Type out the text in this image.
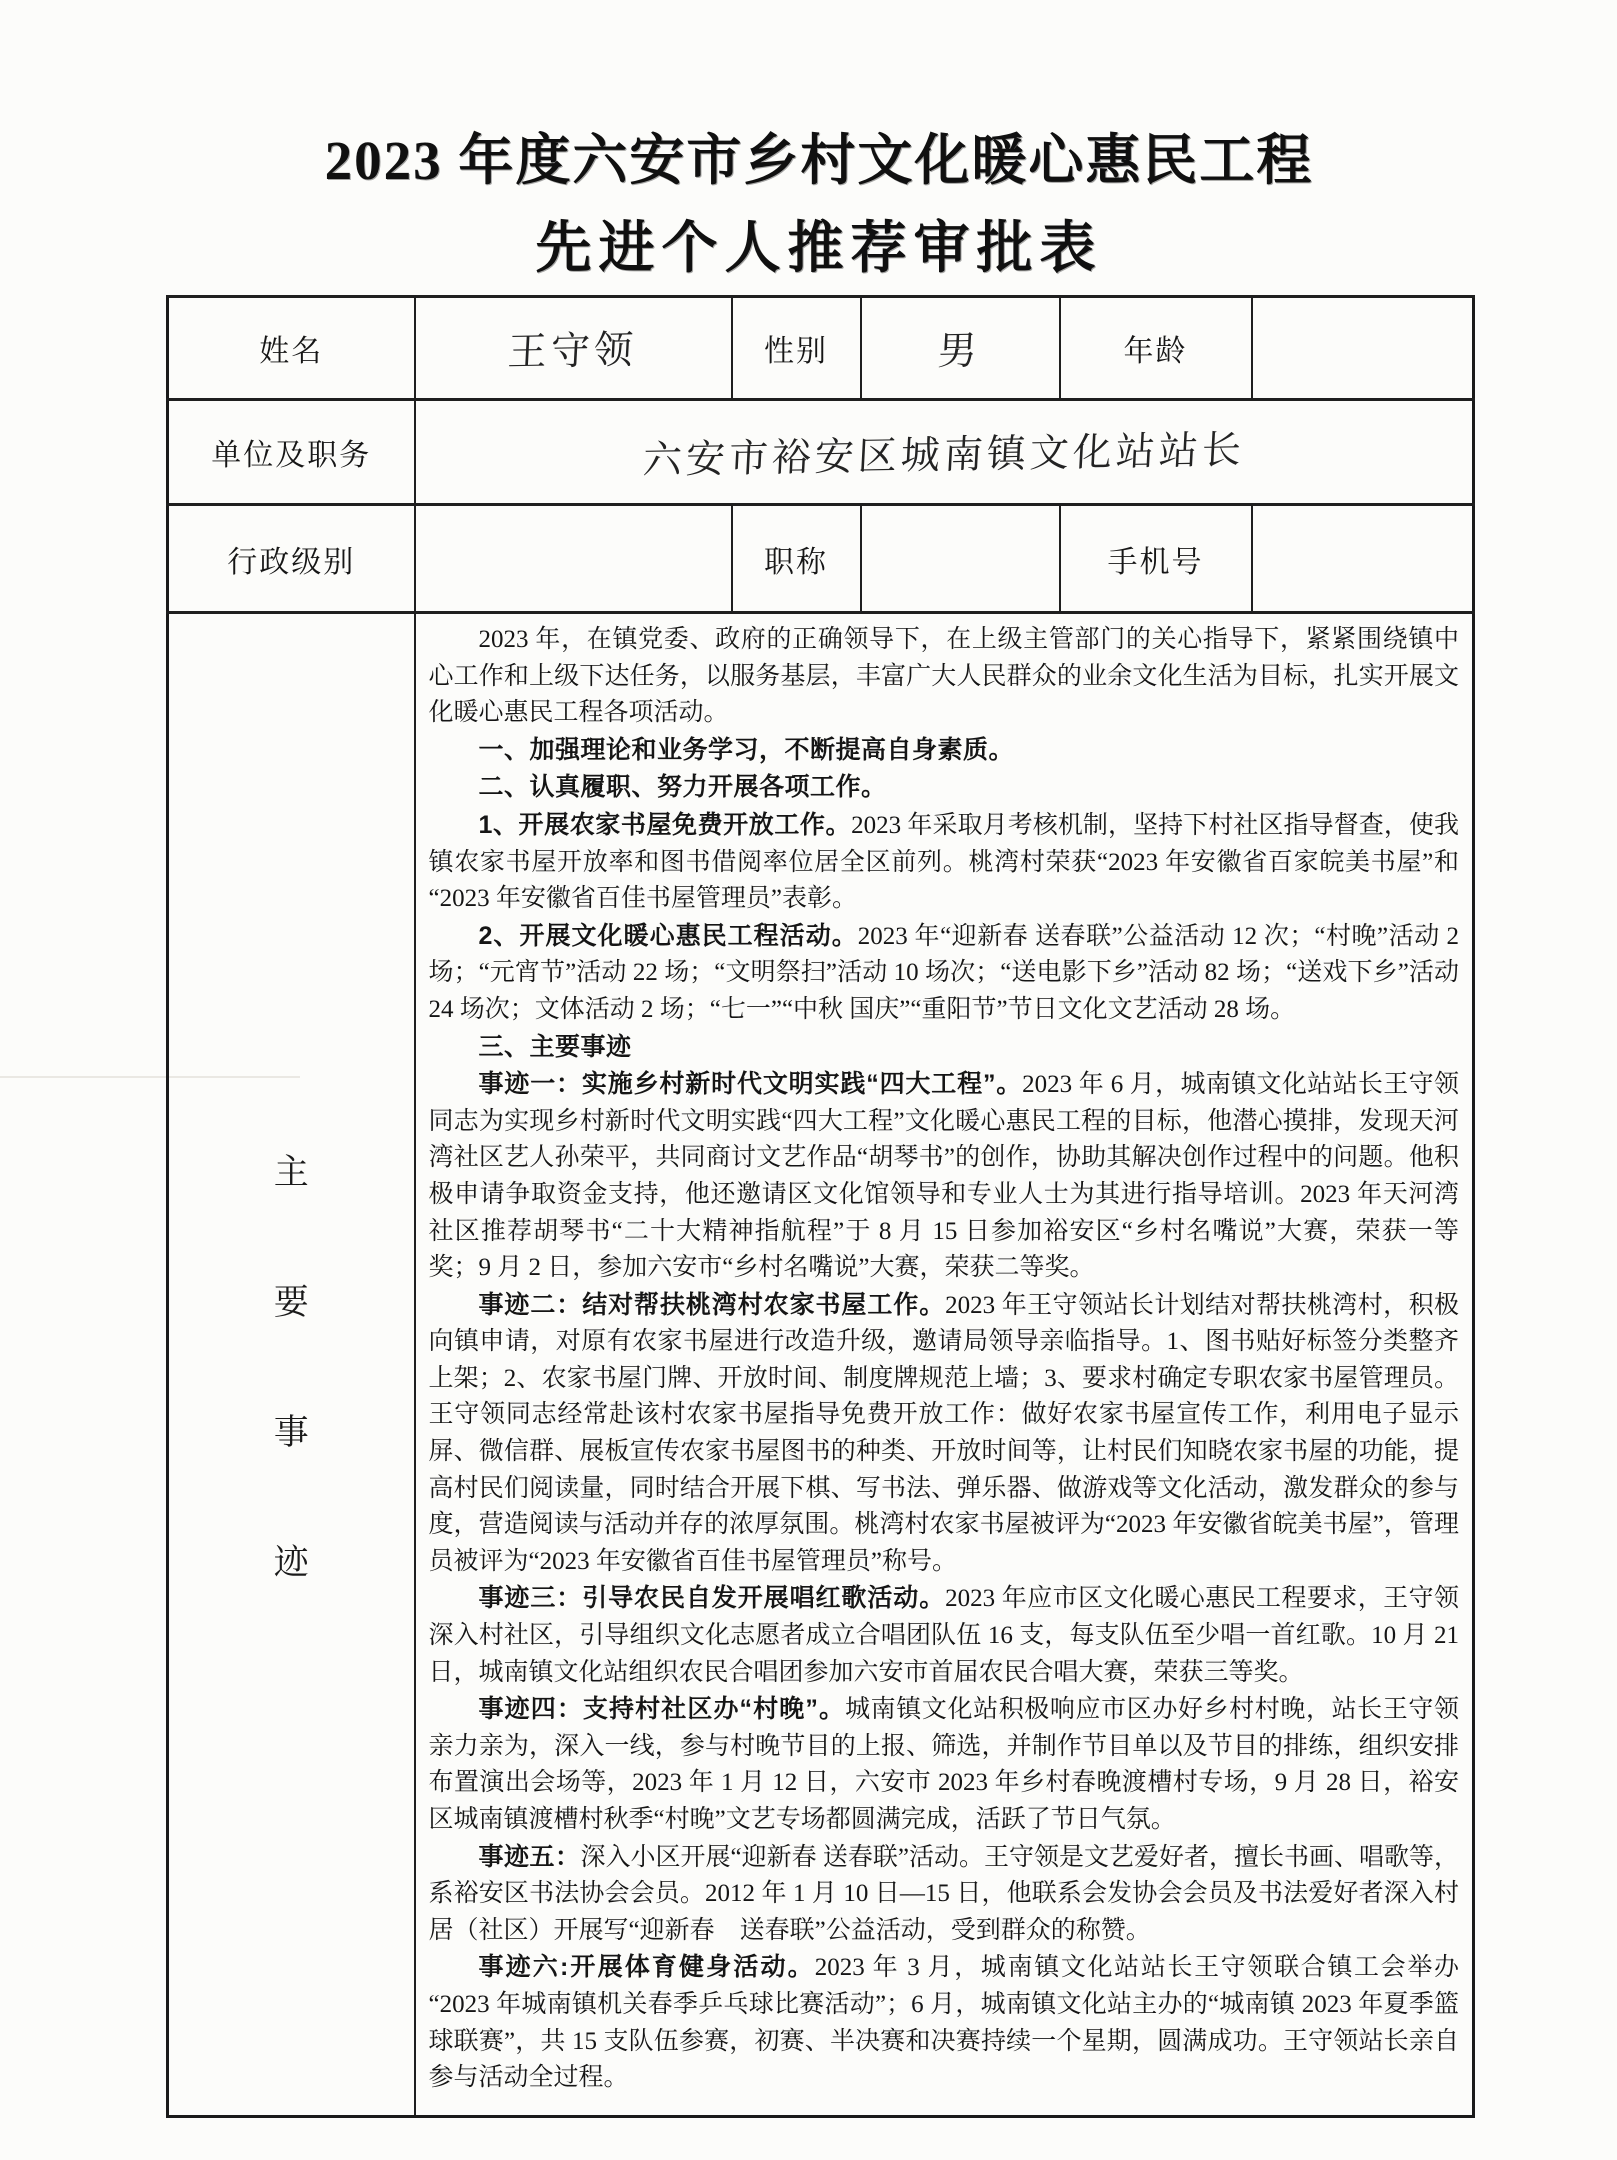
2023 年度六安市乡村文化暖心惠民工程
先进个人推荐审批表
姓名	王守领	性别	男	年龄	
单位及职务	六安市裕安区城南镇文化站站长				
行政级别		职称		手机号	

主
要
事
迹

2023 年，在镇党委、政府的正确领导下，在上级主管部门的关心指导下，紧紧围绕镇中心工作和上级下达任务，以服务基层，丰富广大人民群众的业余文化生活为目标，扎实开展文化暖心惠民工程各项活动。

一、加强理论和业务学习，不断提高自身素质。

二、认真履职、努力开展各项工作。

1、开展农家书屋免费开放工作。2023 年采取月考核机制，坚持下村社区指导督查，使我镇农家书屋开放率和图书借阅率位居全区前列。桃湾村荣获“2023 年安徽省百家皖美书屋”和“2023 年安徽省百佳书屋管理员”表彰。

2、开展文化暖心惠民工程活动。2023 年“迎新春 送春联”公益活动 12 次；“村晚”活动 2 场；“元宵节”活动 22 场；“文明祭扫”活动 10 场次；“送电影下乡”活动 82 场；“送戏下乡”活动 24 场次；文体活动 2 场；“七一”“中秋 国庆”“重阳节”节日文化文艺活动 28 场。

三、主要事迹

事迹一：实施乡村新时代文明实践“四大工程”。2023 年 6 月，城南镇文化站站长王守领同志为实现乡村新时代文明实践“四大工程”文化暖心惠民工程的目标，他潜心摸排，发现天河湾社区艺人孙荣平，共同商讨文艺作品“胡琴书”的创作，协助其解决创作过程中的问题。他积极申请争取资金支持，他还邀请区文化馆领导和专业人士为其进行指导培训。2023 年天河湾社区推荐胡琴书“二十大精神指航程”于 8 月 15 日参加裕安区“乡村名嘴说”大赛，荣获一等奖；9 月 2 日，参加六安市“乡村名嘴说”大赛，荣获二等奖。

事迹二：结对帮扶桃湾村农家书屋工作。2023 年王守领站长计划结对帮扶桃湾村，积极向镇申请，对原有农家书屋进行改造升级，邀请局领导亲临指导。1、图书贴好标签分类整齐上架；2、农家书屋门牌、开放时间、制度牌规范上墙；3、要求村确定专职农家书屋管理员。王守领同志经常赴该村农家书屋指导免费开放工作：做好农家书屋宣传工作，利用电子显示屏、微信群、展板宣传农家书屋图书的种类、开放时间等，让村民们知晓农家书屋的功能，提高村民们阅读量，同时结合开展下棋、写书法、弹乐器、做游戏等文化活动，激发群众的参与度，营造阅读与活动并存的浓厚氛围。桃湾村农家书屋被评为“2023 年安徽省皖美书屋”，管理员被评为“2023 年安徽省百佳书屋管理员”称号。

事迹三：引导农民自发开展唱红歌活动。2023 年应市区文化暖心惠民工程要求，王守领深入村社区，引导组织文化志愿者成立合唱团队伍 16 支，每支队伍至少唱一首红歌。10 月 21 日，城南镇文化站组织农民合唱团参加六安市首届农民合唱大赛，荣获三等奖。

事迹四：支持村社区办“村晚”。城南镇文化站积极响应市区办好乡村村晚，站长王守领亲力亲为，深入一线，参与村晚节目的上报、筛选，并制作节目单以及节目的排练，组织安排布置演出会场等，2023 年 1 月 12 日，六安市 2023 年乡村春晚渡槽村专场，9 月 28 日，裕安区城南镇渡槽村秋季“村晚”文艺专场都圆满完成，活跃了节日气氛。

事迹五：深入小区开展“迎新春 送春联”活动。王守领是文艺爱好者，擅长书画、唱歌等，系裕安区书法协会会员。2012 年 1 月 10 日—15 日，他联系会发协会会员及书法爱好者深入村居（社区）开展写“迎新春　送春联”公益活动，受到群众的称赞。

事迹六:开展体育健身活动。2023 年 3 月，城南镇文化站站长王守领联合镇工会举办“2023 年城南镇机关春季乒乓球比赛活动”；6 月，城南镇文化站主办的“城南镇 2023 年夏季篮球联赛”，共 15 支队伍参赛，初赛、半决赛和决赛持续一个星期，圆满成功。王守领站长亲自参与活动全过程。
